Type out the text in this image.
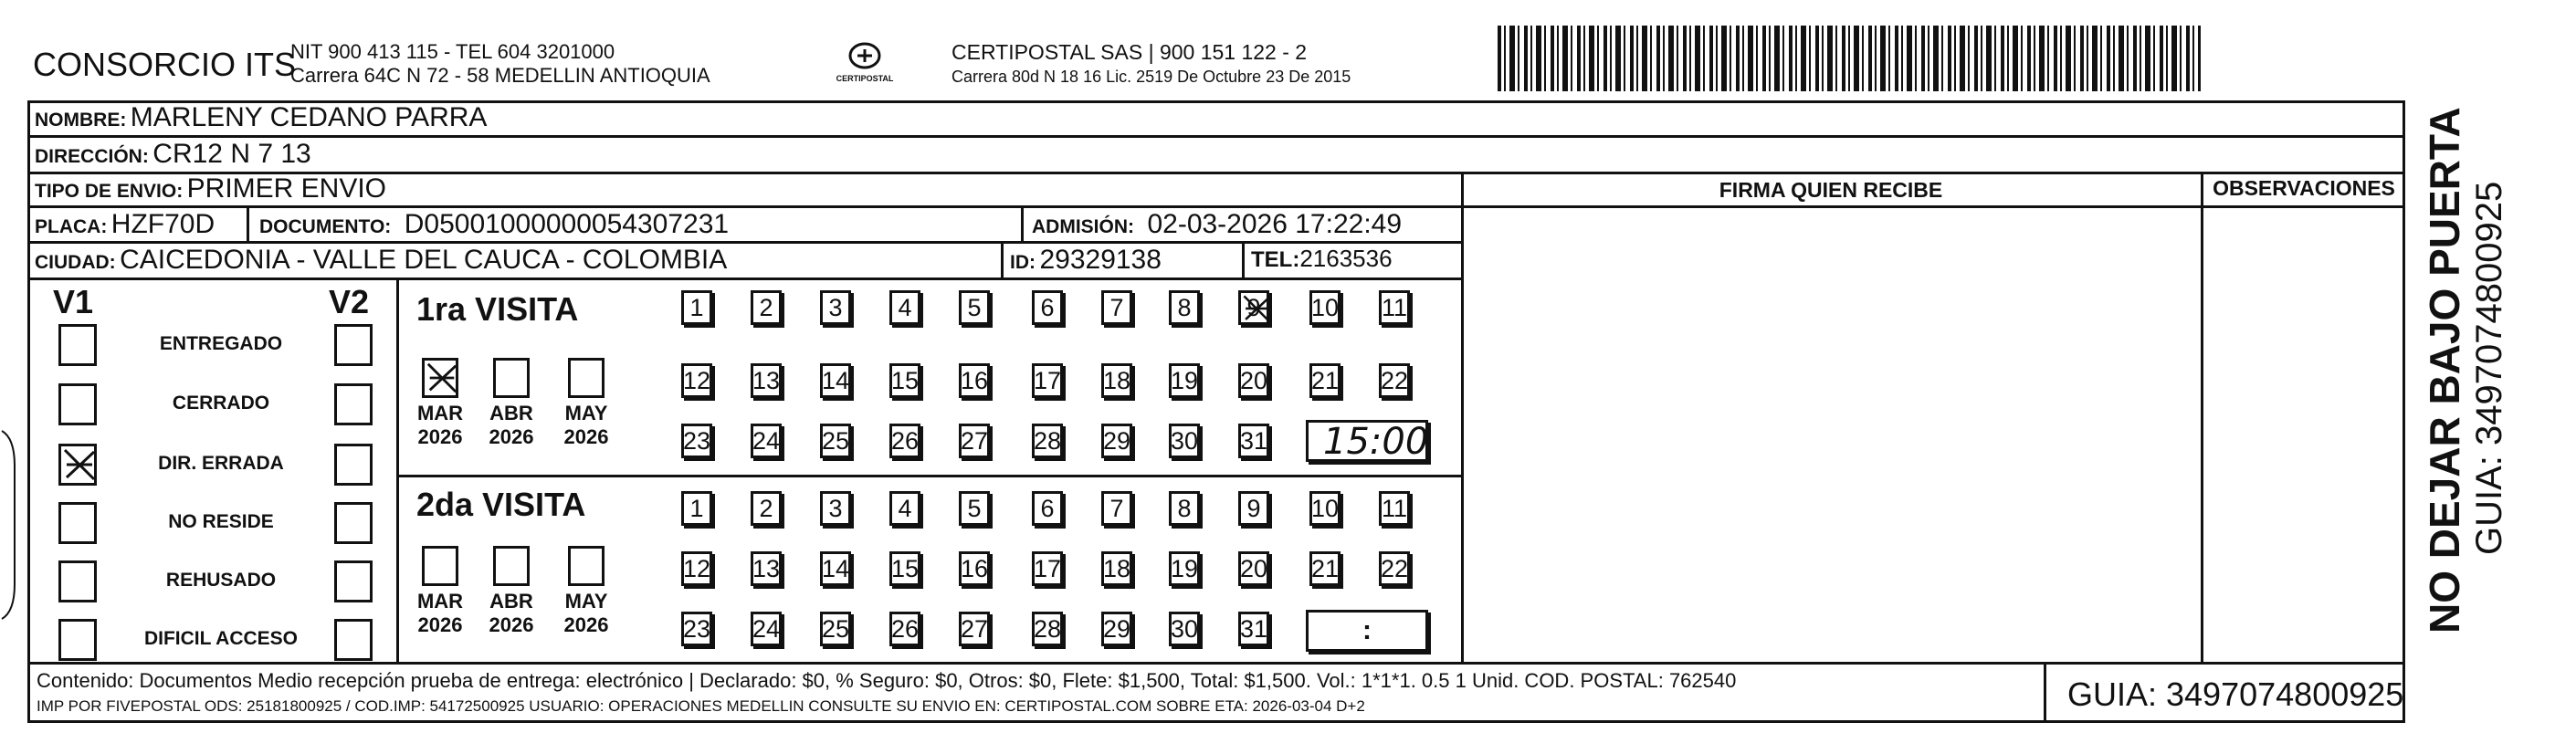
CONSORCIO ITS
NIT 900 413 115 - TEL 604 3201000
Carrera 64C N 72 - 58 MEDELLIN ANTIOQUIA	CERTIPOSTAL
CERTIPOSTAL SAS | 900 151 122 - 2
Carrera 80d N 18 16 Lic. 2519 De Octubre 23 De 2015
NOMBRE: MARLENY CEDANO PARRA
DIRECCIÓN: CR12 N 7 13
TIPO DE ENVIO: PRIMER ENVIO	FIRMA QUIEN RECIBE	OBSERVACIONES
PLACA: HZF70D DOCUMENTO: D05001000000054307231	ADMISIÓN: 02-03-2026 17:22:49
CIUDAD: CAICEDONIA - VALLE DEL CAUCA - COLOMBIA	ID: 29329138	TEL:2163536
V1	V2
ENTREGADO
CERRADO
DIR. ERRADA
NO RESIDE
REHUSADO
DIFICIL ACCESO
1ra VISITA
MAR
2026
ABR
2026
MAY
2026
1	2	3	4	5	6	7	8	9	10 11
12 13 14 15 16 17 18 19 20 21 22
23 24 25 26 27 28 29 30 31 15:00
2da VISITA
MAR
2026
ABR
2026
MAY
2026
1	2	3	4	5	6	7	8	9	10 11
12 13 14 15 16 17 18 19 20 21 22
23 24 25 26 27 28 29 30 31	:
Contenido: Documentos Medio recepción prueba de entrega: electrónico | Declarado: $0, % Seguro: $0, Otros: $0, Flete: $1,500, Total: $1,500. Vol.: 1*1*1. 0.5 1 Unid. COD. POSTAL: 762540
IMP POR FIVEPOSTAL ODS: 25181800925 / COD.IMP: 54172500925 USUARIO: OPERACIONES MEDELLIN CONSULTE SU ENVIO EN: CERTIPOSTAL.COM SOBRE ETA: 2026-03-04 D+2	GUIA: 3497074800925
NO DEJAR BAJO PUERTA GUIA: 3497074800925
